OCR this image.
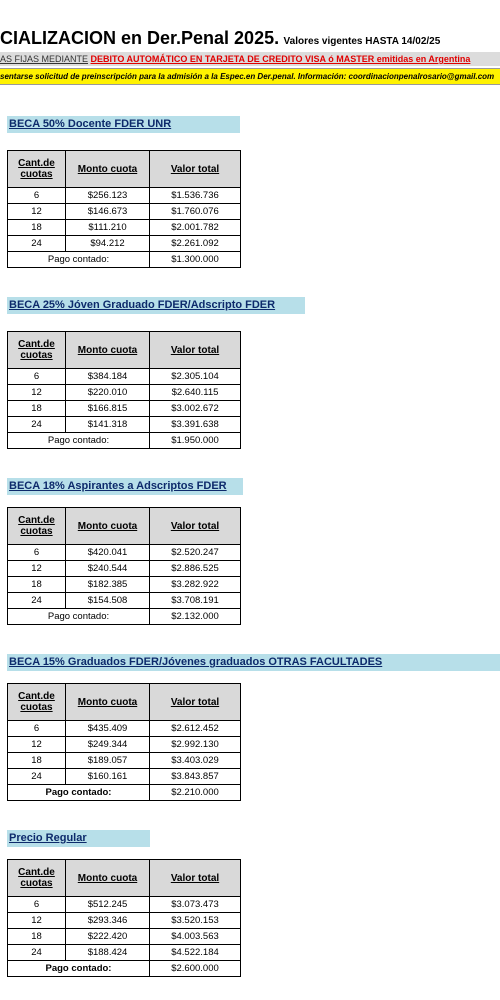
CIALIZACION en Der.Penal 2025. Valores vigentes HASTA 14/02/25
AS FIJAS MEDIANTE DEBITO AUTOMÁTICO EN TARJETA DE CREDITO VISA ó MASTER emitidas en Argentina
sentarse solicitud de preinscripción para la admisión a la Espec.en Der.penal. Información: coordinacionpenalrosario@gmail.com
BECA 50% Docente FDER UNR
Cant.de cuotas	Monto cuota	Valor total
6	$256.123	$1.536.736
12	$146.673	$1.760.076
18	$111.210	$2.001.782
24	$94.212	$2.261.092
Pago contado:		$1.300.000
BECA 25% Jóven Graduado FDER/Adscripto FDER
Cant.de cuotas	Monto cuota	Valor total
6	$384.184	$2.305.104
12	$220.010	$2.640.115
18	$166.815	$3.002.672
24	$141.318	$3.391.638
Pago contado:		$1.950.000
BECA 18% Aspirantes a Adscriptos FDER
Cant.de cuotas	Monto cuota	Valor total
6	$420.041	$2.520.247
12	$240.544	$2.886.525
18	$182.385	$3.282.922
24	$154.508	$3.708.191
Pago contado:		$2.132.000
BECA 15% Graduados FDER/Jóvenes graduados OTRAS FACULTADES
Cant.de cuotas	Monto cuota	Valor total
6	$435.409	$2.612.452
12	$249.344	$2.992.130
18	$189.057	$3.403.029
24	$160.161	$3.843.857
Pago contado:		$2.210.000
Precio Regular
Cant.de cuotas	Monto cuota	Valor total
6	$512.245	$3.073.473
12	$293.346	$3.520.153
18	$222.420	$4.003.563
24	$188.424	$4.522.184
Pago contado:		$2.600.000
